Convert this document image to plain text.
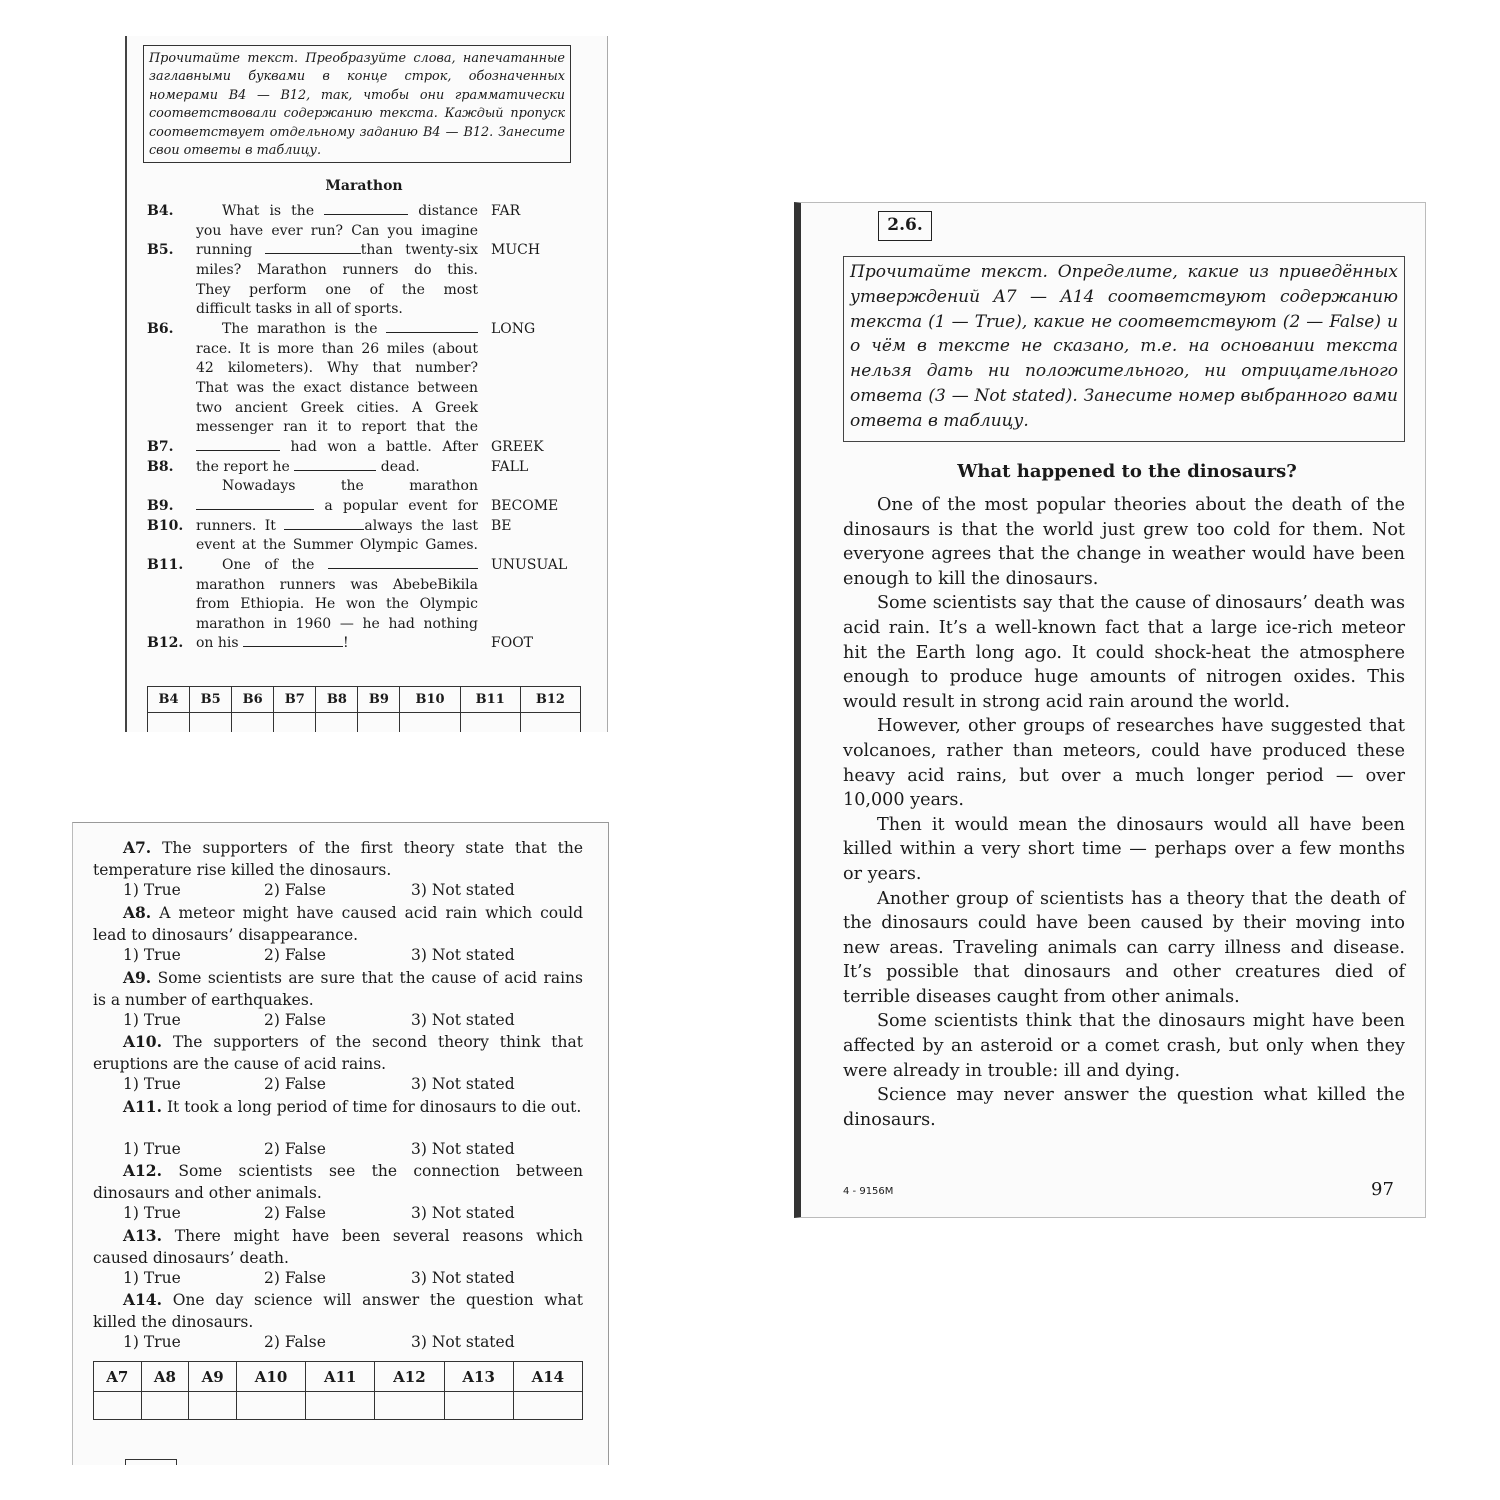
Прочитайте текст. Преобразуйте слова, напечатанные заглавными буквами в конце строк, обозначенных номерами B4 — B12, так, чтобы они грамматически соответствовали содержанию текста. Каждый пропуск соответствует отдельному заданию B4 — B12. Занесите свои ответы в таблицу.
Marathon
B4.	What is the	distance FAR
you have ever run? Can you imagine
B5. running	than twenty-six MUCH
miles? Marathon runners do this.
They perform one of the most
difficult tasks in all of sports.
B6.	The marathon is the	LONG
race. It is more than 26 miles (about
42 kilometers). Why that number?
That was the exact distance between
two ancient Greek cities. A Greek
messenger ran it to report that the
B7.	had won a battle. After GREEK
B8. the report he	dead.	FALL
Nowadays the marathon
B9.	a popular event for BECOME
B10. runners. It	always the last BE
event at the Summer Olympic Games.
B11.	One of the	UNUSUAL
marathon runners was AbebeBikila
from Ethiopia. He won the Olympic
marathon in 1960 — he had nothing
B12. on his	!	FOOT
B4	B5	B6	B7	B8	B9	B10	B11	B12

A7. The supporters of the first theory state that the temperature rise killed the dinosaurs.
1) True	2) False	3) Not stated
A8. A meteor might have caused acid rain which could lead to dinosaurs’ disappearance.
1) True	2) False	3) Not stated
A9. Some scientists are sure that the cause of acid rains is a number of earthquakes.
1) True	2) False	3) Not stated
A10. The supporters of the second theory think that eruptions are the cause of acid rains.
1) True	2) False	3) Not stated
A11. It took a long period of time for dinosaurs to die out.
1) True	2) False	3) Not stated
A12. Some scientists see the connection between dinosaurs and other animals.
1) True	2) False	3) Not stated
A13. There might have been several reasons which caused dinosaurs’ death.
1) True	2) False	3) Not stated
A14. One day science will answer the question what killed the dinosaurs.
1) True	2) False	3) Not stated
A7	A8	A9	A10	A11	A12	A13	A14

2.6.
Прочитайте текст. Определите, какие из приведённых утверждений A7 — A14 соответствуют содержанию текста (1 — True), какие не соответствуют (2 — False) и о чём в тексте не сказано, т.е. на основании текста нельзя дать ни положительного, ни отрицательного ответа (3 — Not stated). Занесите номер выбранного вами ответа в таблицу.
What happened to the dinosaurs?

One of the most popular theories about the death of the dinosaurs is that the world just grew too cold for them. Not everyone agrees that the change in weather would have been enough to kill the dinosaurs.

Some scientists say that the cause of dinosaurs’ death was acid rain. It’s a well-known fact that a large ice-rich meteor hit the Earth long ago. It could shock-heat the atmosphere enough to produce huge amounts of nitrogen oxides. This would result in strong acid rain around the world.

However, other groups of researches have suggested that volcanoes, rather than meteors, could have produced these heavy acid rains, but over a much longer period — over 10,000 years.

Then it would mean the dinosaurs would all have been killed within a very short time — perhaps over a few months or years.

Another group of scientists has a theory that the death of the dinosaurs could have been caused by their moving into new areas. Traveling animals can carry illness and disease. It’s possible that dinosaurs and other creatures died of terrible diseases caught from other animals.

Some scientists think that the dinosaurs might have been affected by an asteroid or a comet crash, but only when they were already in trouble: ill and dying.

Science may never answer the question what killed the dinosaurs.

4 - 9156M	97
